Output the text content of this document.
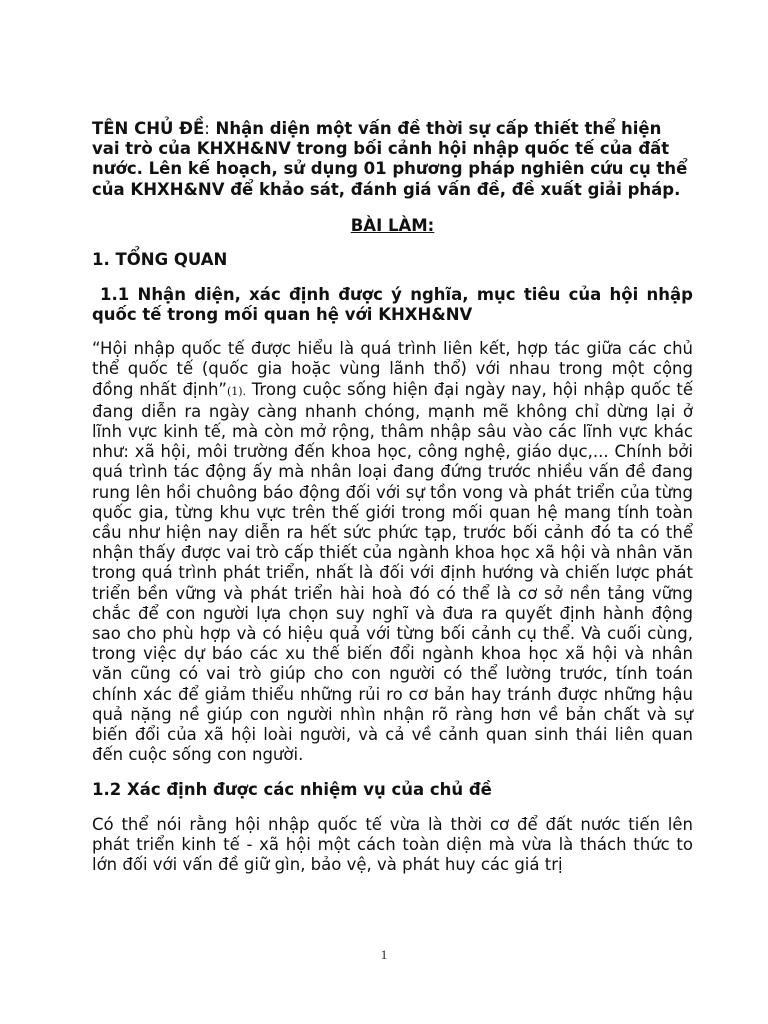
TÊN CHỦ ĐỀ: Nhận diện một vấn đề thời sự cấp thiết thể hiện vai trò của KHXH&NV trong bối cảnh hội nhập quốc tế của đất nước. Lên kế hoạch, sử dụng 01 phương pháp nghiên cứu cụ thể của KHXH&NV để khảo sát, đánh giá vấn đề, đề xuất giải pháp.

BÀI LÀM:
1. TỔNG QUAN
1.1 Nhận diện, xác định được ý nghĩa, mục tiêu của hội nhập quốc tế trong mối quan hệ với KHXH&NV
“Hội nhập quốc tế được hiểu là quá trình liên kết, hợp tác giữa các chủ thể quốc tế (quốc gia hoặc vùng lãnh thổ) với nhau trong một cộng đồng nhất định”(1). Trong cuộc sống hiện đại ngày nay, hội nhập quốc tế đang diễn ra ngày càng nhanh chóng, mạnh mẽ không chỉ dừng lại ở lĩnh vực kinh tế, mà còn mở rộng, thâm nhập sâu vào các lĩnh vực khác như: xã hội, môi trường đến khoa học, công nghệ, giáo dục,... Chính bởi quá trình tác động ấy mà nhân loại đang đứng trước nhiều vấn đề đang rung lên hồi chuông báo động đối với sự tồn vong và phát triển của từng quốc gia, từng khu vực trên thế giới trong mối quan hệ mang tính toàn cầu như hiện nay diễn ra hết sức phức tạp, trước bối cảnh đó ta có thể nhận thấy được vai trò cấp thiết của ngành khoa học xã hội và nhân văn trong quá trình phát triển, nhất là đối với định hướng và chiến lược phát triển bền vững và phát triển hài hoà đó có thể là cơ sở nền tảng vững chắc để con người lựa chọn suy nghĩ và đưa ra quyết định hành động sao cho phù hợp và có hiệu quả với từng bối cảnh cụ thể. Và cuối cùng, trong việc dự báo các xu thế biến đổi ngành khoa học xã hội và nhân văn cũng có vai trò giúp cho con người có thể lường trước, tính toán chính xác để giảm thiểu những rủi ro cơ bản hay tránh được những hậu quả nặng nề giúp con người nhìn nhận rõ ràng hơn về bản chất và sự biến đổi của xã hội loài người, và cả về cảnh quan sinh thái liên quan đến cuộc sống con người.
1.2 Xác định được các nhiệm vụ của chủ đề
Có thể nói rằng hội nhập quốc tế vừa là thời cơ để đất nước tiến lên phát triển kinh tế - xã hội một cách toàn diện mà vừa là thách thức to lớn đối với vấn đề giữ gìn, bảo vệ, và phát huy các giá trị
1
